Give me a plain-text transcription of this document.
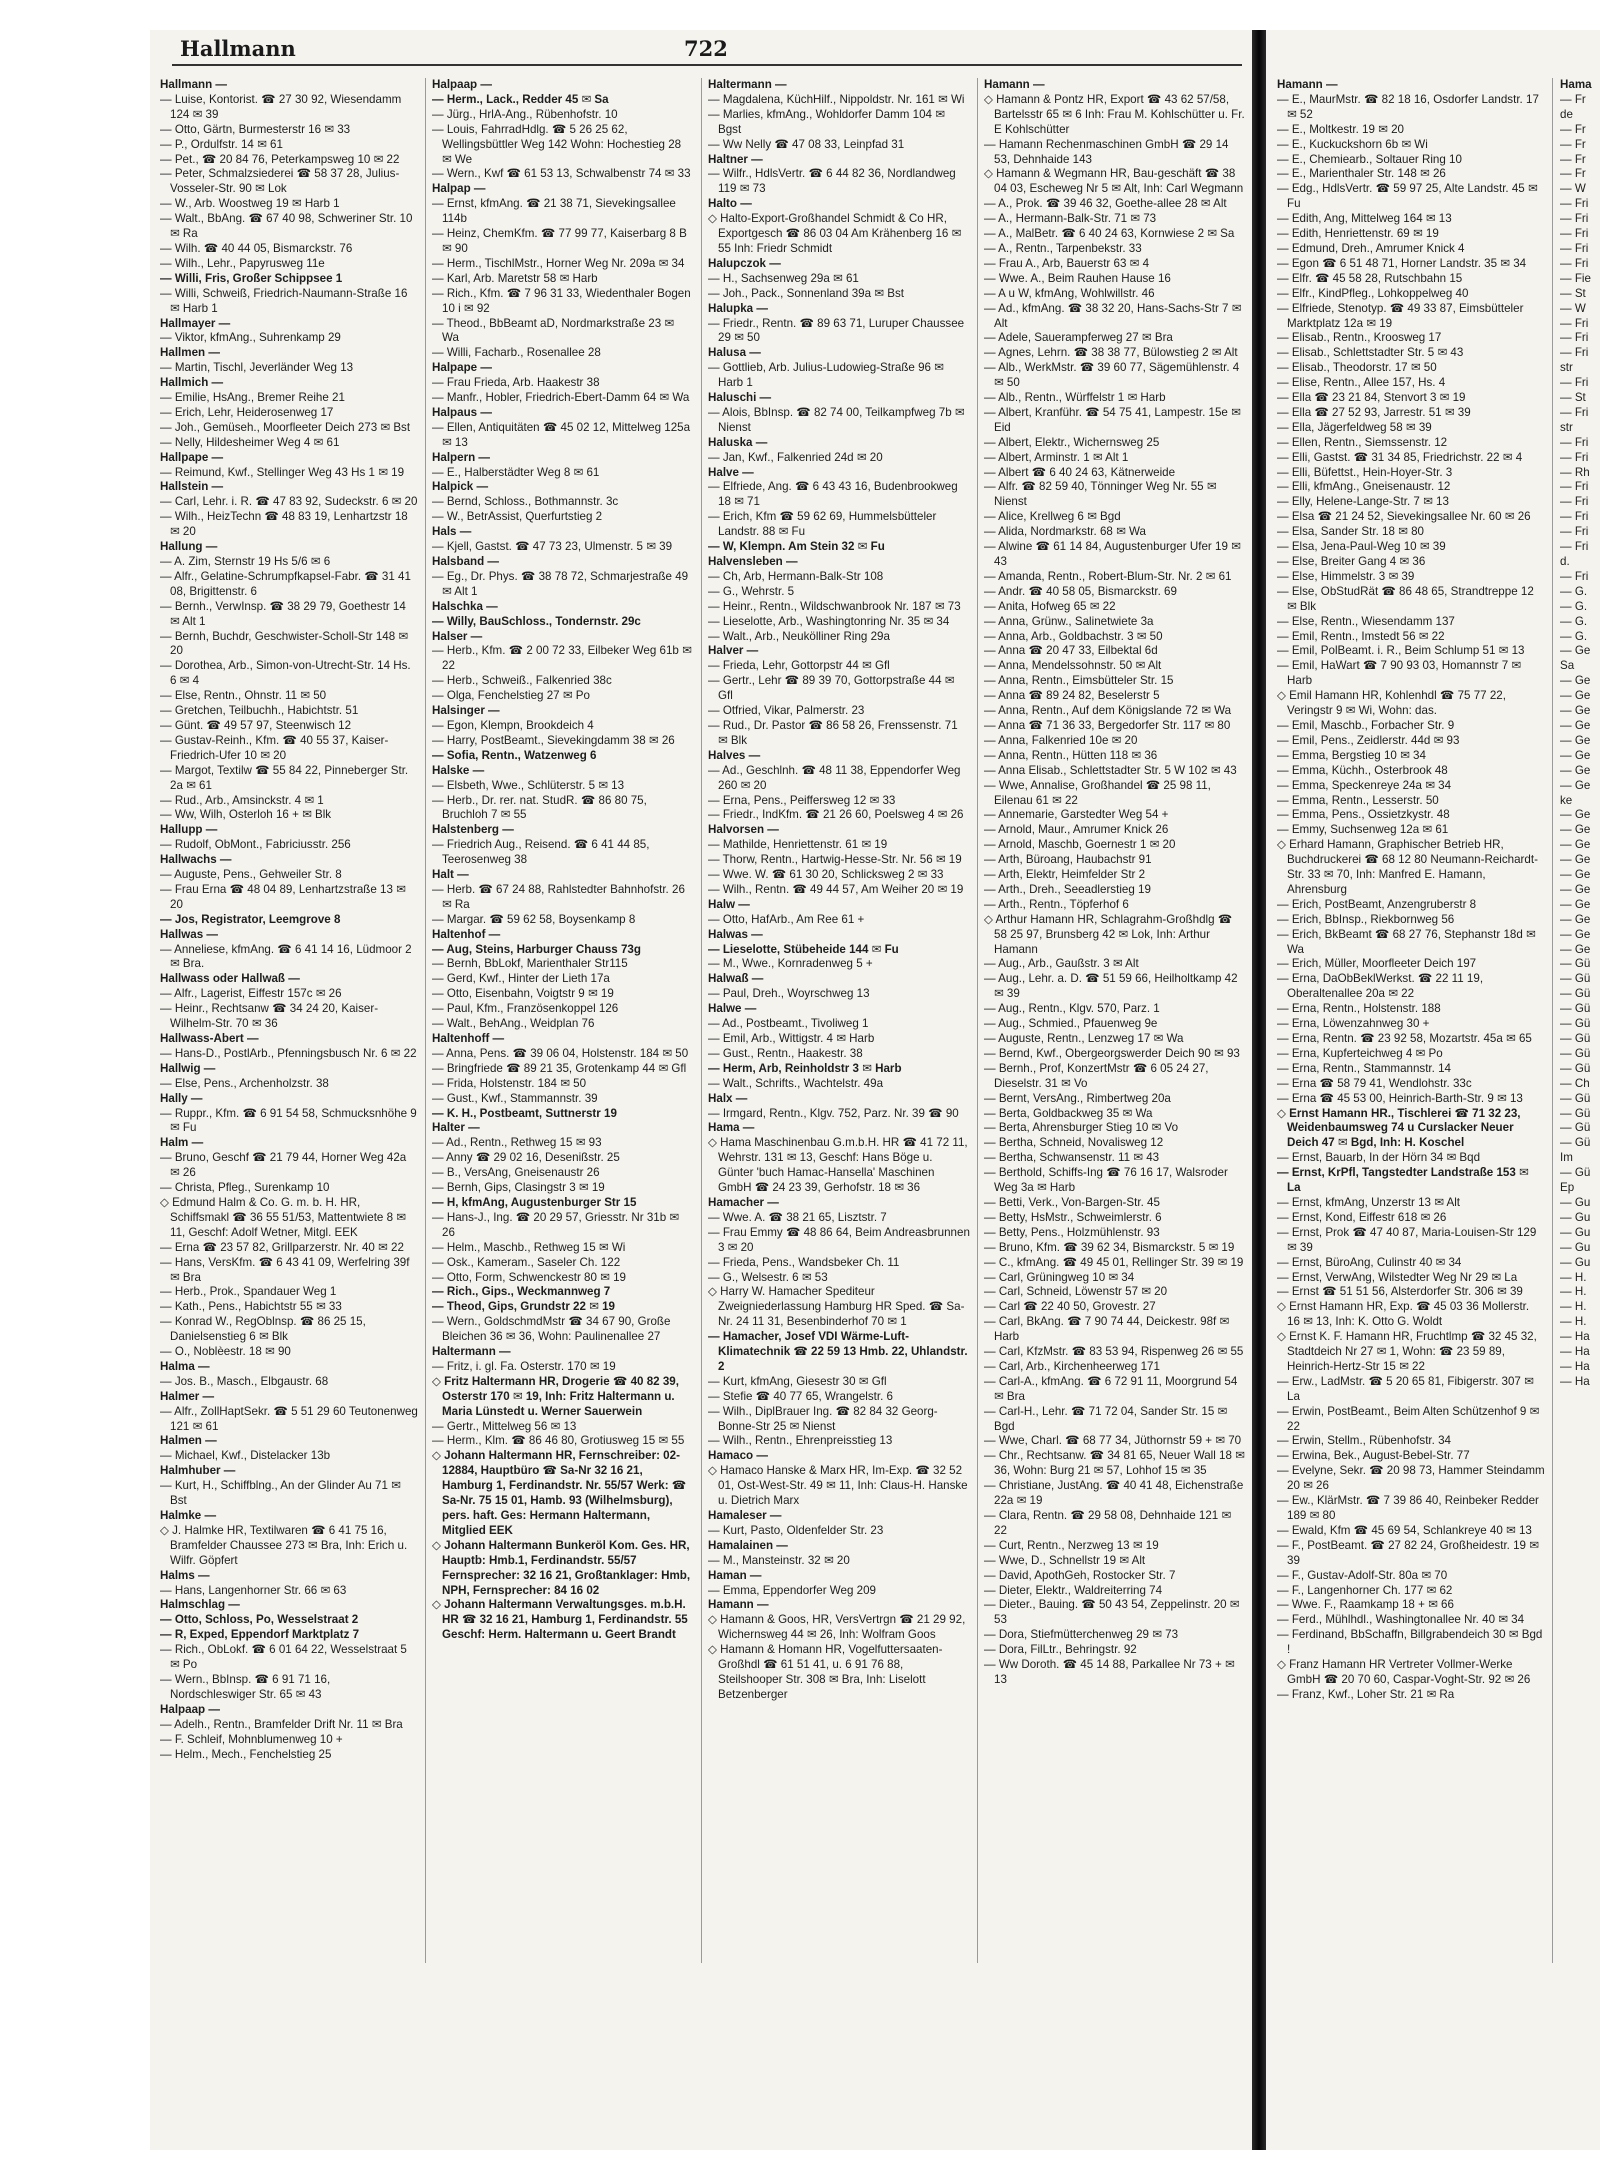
Hallmann	722
Hallmann —
— Luise, Kontorist. ☎ 27 30 92, Wiesendamm 124 ✉ 39
— Otto, Gärtn, Burmesterstr 16 ✉ 33
— P., Ordulfstr. 14 ✉ 61
— Pet., ☎ 20 84 76, Peterkampsweg 10 ✉ 22
— Peter, Schmalzsiederei ☎ 58 37 28, Julius-Vosseler-Str. 90 ✉ Lok
— W., Arb. Woostweg 19 ✉ Harb 1
— Walt., BbAng. ☎ 67 40 98, Schweriner Str. 10 ✉ Ra
— Wilh. ☎ 40 44 05, Bismarckstr. 76
— Wilh., Lehr., Papyrusweg 11e
— Willi, Fris, Großer Schippsee 1
— Willi, Schweiß, Friedrich-Naumann-Straße 16 ✉ Harb 1
Hallmayer —
— Viktor, kfmAng., Suhrenkamp 29
Hallmen —
— Martin, Tischl, Jeverländer Weg 13
Hallmich —
— Emilie, HsAng., Bremer Reihe 21
— Erich, Lehr, Heiderosenweg 17
— Joh., Gemüseh., Moorfleeter Deich 273 ✉ Bst
— Nelly, Hildesheimer Weg 4 ✉ 61
Hallpape —
— Reimund, Kwf., Stellinger Weg 43 Hs 1 ✉ 19
Hallstein —
— Carl, Lehr. i. R. ☎ 47 83 92, Sudeckstr. 6 ✉ 20
— Wilh., HeizTechn ☎ 48 83 19, Lenhartzstr 18 ✉ 20
Hallung —
— A. Zim, Sternstr 19 Hs 5/6 ✉ 6
— Alfr., Gelatine-Schrumpfkapsel-Fabr. ☎ 31 41 08, Brigittenstr. 6
— Bernh., VerwInsp. ☎ 38 29 79, Goethestr 14 ✉ Alt 1
— Bernh, Buchdr, Geschwister-Scholl-Str 148 ✉ 20
— Dorothea, Arb., Simon-von-Utrecht-Str. 14 Hs. 6 ✉ 4
— Else, Rentn., Ohnstr. 11 ✉ 50
— Gretchen, Teilbuchh., Habichtstr. 51
— Günt. ☎ 49 57 97, Steenwisch 12
— Gustav-Reinh., Kfm. ☎ 40 55 37, Kaiser-Friedrich-Ufer 10 ✉ 20
— Margot, Textilw ☎ 55 84 22, Pinneberger Str. 2a ✉ 61
— Rud., Arb., Amsinckstr. 4 ✉ 1
— Ww, Wilh, Osterloh 16 + ✉ Blk
Hallupp —
— Rudolf, ObMont., Fabriciusstr. 256
Hallwachs —
— Auguste, Pens., Gehweiler Str. 8
— Frau Erna ☎ 48 04 89, Lenhartzstraße 13 ✉ 20
— Jos, Registrator, Leemgrove 8
Hallwas —
— Anneliese, kfmAng. ☎ 6 41 14 16, Lüdmoor 2 ✉ Bra.
Hallwass oder Hallwaß —
— Alfr., Lagerist, Eiffestr 157c ✉ 26
— Heinr., Rechtsanw ☎ 34 24 20, Kaiser-Wilhelm-Str. 70 ✉ 36
Hallwass-Abert —
— Hans-D., PostlArb., Pfenningsbusch Nr. 6 ✉ 22
Hallwig —
— Else, Pens., Archenholzstr. 38
Hally —
— Ruppr., Kfm. ☎ 6 91 54 58, Schmucksnhöhe 9 ✉ Fu
Halm —
— Bruno, Geschf ☎ 21 79 44, Horner Weg 42a ✉ 26
— Christa, Pfleg., Surenkamp 10
◇ Edmund Halm & Co. G. m. b. H. HR, Schiffsmakl ☎ 36 55 51/53, Mattentwiete 8 ✉ 11, Geschf: Adolf Wetner, Mitgl. EEK
— Erna ☎ 23 57 82, Grillparzerstr. Nr. 40 ✉ 22
— Hans, VersKfm. ☎ 6 43 41 09, Werfelring 39f ✉ Bra
— Herb., Prok., Spandauer Weg 1
— Kath., Pens., Habichtstr 55 ✉ 33
— Konrad W., RegOblnsp. ☎ 86 25 15, Danielsenstieg 6 ✉ Blk
— O., Noblèestr. 18 ✉ 90
Halma —
— Jos. B., Masch., Elbgaustr. 68
Halmer —
— Alfr., ZollHaptSekr. ☎ 5 51 29 60 Teutonenweg 121 ✉ 61
Halmen —
— Michael, Kwf., Distelacker 13b
Halmhuber —
— Kurt, H., Schiffblng., An der Glinder Au 71 ✉ Bst
Halmke —
◇ J. Halmke HR, Textilwaren ☎ 6 41 75 16, Bramfelder Chaussee 273 ✉ Bra, Inh: Erich u. Wilfr. Göpfert
Halms —
— Hans, Langenhorner Str. 66 ✉ 63
Halmschlag —
— Otto, Schloss, Po, Wesselstraat 2
— R, Exped, Eppendorf Marktplatz 7
— Rich., ObLokf. ☎ 6 01 64 22, Wesselstraat 5 ✉ Po
— Wern., BbInsp. ☎ 6 91 71 16, Nordschleswiger Str. 65 ✉ 43
Halpaap —
— Adelh., Rentn., Bramfelder Drift Nr. 11 ✉ Bra
— F. Schleif, Mohnblumenweg 10 +
— Helm., Mech., Fenchelstieg 25
Halpaap —
— Herm., Lack., Redder 45 ✉ Sa
— Jürg., HrlA-Ang., Rübenhofstr. 10
— Louis, FahrradHdlg. ☎ 5 26 25 62, Wellingsbüttler Weg 142 Wohn: Hochestieg 28 ✉ We
— Wern., Kwf ☎ 61 53 13, Schwalbenstr 74 ✉ 33
Halpap —
— Ernst, kfmAng. ☎ 21 38 71, Sievekingsallee 114b
— Heinz, ChemKfm. ☎ 77 99 77, Kaiserbarg 8 B ✉ 90
— Herm., TischlMstr., Horner Weg Nr. 209a ✉ 34
— Karl, Arb. Maretstr 58 ✉ Harb
— Rich., Kfm. ☎ 7 96 31 33, Wiedenthaler Bogen 10 i ✉ 92
— Theod., BbBeamt aD, Nordmarkstraße 23 ✉ Wa
— Willi, Facharb., Rosenallee 28
Halpape —
— Frau Frieda, Arb. Haakestr 38
— Manfr., Hobler, Friedrich-Ebert-Damm 64 ✉ Wa
Halpaus —
— Ellen, Antiquitäten ☎ 45 02 12, Mittelweg 125a ✉ 13
Halpern —
— E., Halberstädter Weg 8 ✉ 61
Halpick —
— Bernd, Schloss., Bothmannstr. 3c
— W., BetrAssist, Querfurtstieg 2
Hals —
— Kjell, Gastst. ☎ 47 73 23, Ulmenstr. 5 ✉ 39
Halsband —
— Eg., Dr. Phys. ☎ 38 78 72, Schmarjestraße 49 ✉ Alt 1
Halschka —
— Willy, BauSchloss., Tondernstr. 29c
Halser —
— Herb., Kfm. ☎ 2 00 72 33, Eilbeker Weg 61b ✉ 22
— Herb., Schweiß., Falkenried 38c
— Olga, Fenchelstieg 27 ✉ Po
Halsinger —
— Egon, Klempn, Brookdeich 4
— Harry, PostBeamt., Sievekingdamm 38 ✉ 26
— Sofia, Rentn., Watzenweg 6
Halske —
— Elsbeth, Wwe., Schlüterstr. 5 ✉ 13
— Herb., Dr. rer. nat. StudR. ☎ 86 80 75, Bruchloh 7 ✉ 55
Halstenberg —
— Friedrich Aug., Reisend. ☎ 6 41 44 85, Teerosenweg 38
Halt —
— Herb. ☎ 67 24 88, Rahlstedter Bahnhofstr. 26 ✉ Ra
— Margar. ☎ 59 62 58, Boysenkamp 8
Haltenhof —
— Aug, Steins, Harburger Chauss 73g
— Bernh, BbLokf, Marienthaler Str115
— Gerd, Kwf., Hinter der Lieth 17a
— Otto, Eisenbahn, Voigtstr 9 ✉ 19
— Paul, Kfm., Französenkoppel 126
— Walt., BehAng., Weidplan 76
Haltenhoff —
— Anna, Pens. ☎ 39 06 04, Holstenstr. 184 ✉ 50
— Bringfriede ☎ 89 21 35, Grotenkamp 44 ✉ Gfl
— Frida, Holstenstr. 184 ✉ 50
— Gust., Kwf., Stammannstr. 39
— K. H., Postbeamt, Suttnerstr 19
Halter —
— Ad., Rentn., Rethweg 15 ✉ 93
— Anny ☎ 29 02 16, Desenißstr. 25
— B., VersAng, Gneisenaustr 26
— Bernh, Gips, Clasingstr 3 ✉ 19
— H, kfmAng, Augustenburger Str 15
— Hans-J., Ing. ☎ 20 29 57, Griesstr. Nr 31b ✉ 26
— Helm., Maschb., Rethweg 15 ✉ Wi
— Osk., Kameram., Saseler Ch. 122
— Otto, Form, Schwenckestr 80 ✉ 19
— Rich., Gips., Weckmannweg 7
— Theod, Gips, Grundstr 22 ✉ 19
— Wern., GoldschmdMstr ☎ 34 67 90, Große Bleichen 36 ✉ 36, Wohn: Paulinenallee 27
Haltermann —
— Fritz, i. gl. Fa. Osterstr. 170 ✉ 19
◇ Fritz Haltermann HR, Drogerie ☎ 40 82 39, Osterstr 170 ✉ 19, Inh: Fritz Haltermann u. Maria Lünstedt u. Werner Sauerwein
— Gertr., Mittelweg 56 ✉ 13
— Herm., Klm. ☎ 86 46 80, Grotiusweg 15 ✉ 55
◇ Johann Haltermann HR, Fernschreiber: 02-12884, Hauptbüro ☎ Sa-Nr 32 16 21, Hamburg 1, Ferdinandstr. Nr. 55/57 Werk: ☎ Sa-Nr. 75 15 01, Hamb. 93 (Wilhelmsburg), pers. haft. Ges: Hermann Haltermann, Mitglied EEK
◇ Johann Haltermann Bunkeröl Kom. Ges. HR, Hauptb: Hmb.1, Ferdinandstr. 55/57 Fernsprecher: 32 16 21, Großtanklager: Hmb, NPH, Fernsprecher: 84 16 02
◇ Johann Haltermann Verwaltungsges. m.b.H. HR ☎ 32 16 21, Hamburg 1, Ferdinandstr. 55 Geschf: Herm. Haltermann u. Geert Brandt
Haltermann —
— Magdalena, KüchHilf., Nippoldstr. Nr. 161 ✉ Wi
— Marlies, kfmAng., Wohldorfer Damm 104 ✉ Bgst
— Ww Nelly ☎ 47 08 33, Leinpfad 31
Haltner —
— Wilfr., HdlsVertr. ☎ 6 44 82 36, Nordlandweg 119 ✉ 73
Halto —
◇ Halto-Export-Großhandel Schmidt & Co HR, Exportgesch ☎ 86 03 04 Am Krähenberg 16 ✉ 55 Inh: Friedr Schmidt
Halupczok —
— H., Sachsenweg 29a ✉ 61
— Joh., Pack., Sonnenland 39a ✉ Bst
Halupka —
— Friedr., Rentn. ☎ 89 63 71, Luruper Chaussee 29 ✉ 50
Halusa —
— Gottlieb, Arb. Julius-Ludowieg-Straße 96 ✉ Harb 1
Haluschi —
— Alois, BbInsp. ☎ 82 74 00, Teilkampfweg 7b ✉ Nienst
Haluska —
— Jan, Kwf., Falkenried 24d ✉ 20
Halve —
— Elfriede, Ang. ☎ 6 43 43 16, Budenbrookweg 18 ✉ 71
— Erich, Kfm ☎ 59 62 69, Hummelsbütteler Landstr. 88 ✉ Fu
— W, Klempn. Am Stein 32 ✉ Fu
Halvensleben —
— Ch, Arb, Hermann-Balk-Str 108
— G., Wehrstr. 5
— Heinr., Rentn., Wildschwanbrook Nr. 187 ✉ 73
— Lieselotte, Arb., Washingtonring Nr. 35 ✉ 34
— Walt., Arb., Neukölliner Ring 29a
Halver —
— Frieda, Lehr, Gottorpstr 44 ✉ Gfl
— Gertr., Lehr ☎ 89 39 70, Gottorpstraße 44 ✉ Gfl
— Otfried, Vikar, Palmerstr. 23
— Rud., Dr. Pastor ☎ 86 58 26, Frenssenstr. 71 ✉ Blk
Halves —
— Ad., Geschlnh. ☎ 48 11 38, Eppendorfer Weg 260 ✉ 20
— Erna, Pens., Peiffersweg 12 ✉ 33
— Friedr., IndKfm. ☎ 21 26 60, Poelsweg 4 ✉ 26
Halvorsen —
— Mathilde, Henriettenstr. 61 ✉ 19
— Thorw, Rentn., Hartwig-Hesse-Str. Nr. 56 ✉ 19
— Wwe. W. ☎ 61 30 20, Schlicksweg 2 ✉ 33
— Wilh., Rentn. ☎ 49 44 57, Am Weiher 20 ✉ 19
Halw —
— Otto, HafArb., Am Ree 61 +
Halwas —
— Lieselotte, Stübeheide 144 ✉ Fu
— M., Wwe., Kornradenweg 5 +
Halwaß —
— Paul, Dreh., Woyrschweg 13
Halwe —
— Ad., Postbeamt., Tivoliweg 1
— Emil, Arb., Wittigstr. 4 ✉ Harb
— Gust., Rentn., Haakestr. 38
— Herm, Arb, Reinholdstr 3 ✉ Harb
— Walt., Schrifts., Wachtelstr. 49a
Halx —
— Irmgard, Rentn., Klgv. 752, Parz. Nr. 39 ☎ 90
Hama —
◇ Hama Maschinenbau G.m.b.H. HR ☎ 41 72 11, Wehrstr. 131 ✉ 13, Geschf: Hans Böge u. Günter 'buch Hamac-Hansella' Maschinen GmbH ☎ 24 23 39, Gerhofstr. 18 ✉ 36
Hamacher —
— Wwe. A. ☎ 38 21 65, Lisztstr. 7
— Frau Emmy ☎ 48 86 64, Beim Andreasbrunnen 3 ✉ 20
— Frieda, Pens., Wandsbeker Ch. 11
— G., Welsestr. 6 ✉ 53
◇ Harry W. Hamacher Spediteur Zweigniederlassung Hamburg HR Sped. ☎ Sa-Nr. 24 11 31, Besenbinderhof 70 ✉ 1
— Hamacher, Josef VDI Wärme-Luft-Klimatechnik ☎ 22 59 13 Hmb. 22, Uhlandstr. 2
— Kurt, kfmAng, Giesestr 30 ✉ Gfl
— Stefie ☎ 40 77 65, Wrangelstr. 6
— Wilh., DiplBrauer Ing. ☎ 82 84 32 Georg-Bonne-Str 25 ✉ Nienst
— Wilh., Rentn., Ehrenpreisstieg 13
Hamaco —
◇ Hamaco Hanske & Marx HR, Im-Exp. ☎ 32 52 01, Ost-West-Str. 49 ✉ 11, Inh: Claus-H. Hanske u. Dietrich Marx
Hamaleser —
— Kurt, Pasto, Oldenfelder Str. 23
Hamalainen —
— M., Mansteinstr. 32 ✉ 20
Haman —
— Emma, Eppendorfer Weg 209
Hamann —
◇ Hamann & Goos, HR, VersVertrgn ☎ 21 29 92, Wichernsweg 44 ✉ 26, Inh: Wolfram Goos
◇ Hamann & Homann HR, Vogelfuttersaaten-Großhdl ☎ 61 51 41, u. 6 91 76 88, Steilshooper Str. 308 ✉ Bra, Inh: Liselott Betzenberger
Hamann —
◇ Hamann & Pontz HR, Export ☎ 43 62 57/58, Bartelsstr 65 ✉ 6 Inh: Frau M. Kohlschütter u. Fr. E Kohlschütter
— Hamann Rechenmaschinen GmbH ☎ 29 14 53, Dehnhaide 143
◇ Hamann & Wegmann HR, Bau-geschäft ☎ 38 04 03, Escheweg Nr 5 ✉ Alt, Inh: Carl Wegmann
— A., Prok. ☎ 39 46 32, Goethe-allee 28 ✉ Alt
— A., Hermann-Balk-Str. 71 ✉ 73
— A., MalBetr. ☎ 6 40 24 63, Kornwiese 2 ✉ Sa
— A., Rentn., Tarpenbekstr. 33
— Frau A., Arb, Bauerstr 63 ✉ 4
— Wwe. A., Beim Rauhen Hause 16
— A u W, kfmAng, Wohlwillstr. 46
— Ad., kfmAng. ☎ 38 32 20, Hans-Sachs-Str 7 ✉ Alt
— Adele, Sauerampferweg 27 ✉ Bra
— Agnes, Lehrn. ☎ 38 38 77, Bülowstieg 2 ✉ Alt
— Alb., WerkMstr. ☎ 39 60 77, Sägemühlenstr. 4 ✉ 50
— Alb., Rentn., Würffelstr 1 ✉ Harb
— Albert, Kranführ. ☎ 54 75 41, Lampestr. 15e ✉ Eid
— Albert, Elektr., Wichernsweg 25
— Albert, Arminstr. 1 ✉ Alt 1
— Albert ☎ 6 40 24 63, Kätnerweide
— Alfr. ☎ 82 59 40, Tönninger Weg Nr. 55 ✉ Nienst
— Alice, Krellweg 6 ✉ Bgd
— Alida, Nordmarkstr. 68 ✉ Wa
— Alwine ☎ 61 14 84, Augustenburger Ufer 19 ✉ 43
— Amanda, Rentn., Robert-Blum-Str. Nr. 2 ✉ 61
— Andr. ☎ 40 58 05, Bismarckstr. 69
— Anita, Hofweg 65 ✉ 22
— Anna, Grünw., Salinetwiete 3a
— Anna, Arb., Goldbachstr. 3 ✉ 50
— Anna ☎ 20 47 33, Eilbektal 6d
— Anna, Mendelssohnstr. 50 ✉ Alt
— Anna, Rentn., Eimsbütteler Str. 15
— Anna ☎ 89 24 82, Beselerstr 5
— Anna, Rentn., Auf dem Königslande 72 ✉ Wa
— Anna ☎ 71 36 33, Bergedorfer Str. 117 ✉ 80
— Anna, Falkenried 10e ✉ 20
— Anna, Rentn., Hütten 118 ✉ 36
— Anna Elisab., Schlettstadter Str. 5 W 102 ✉ 43
— Wwe, Annalise, Großhandel ☎ 25 98 11, Eilenau 61 ✉ 22
— Annemarie, Garstedter Weg 54 +
— Arnold, Maur., Amrumer Knick 26
— Arnold, Maschb, Goernestr 1 ✉ 20
— Arth, Büroang, Haubachstr 91
— Arth, Elektr, Heimfelder Str 2
— Arth., Dreh., Seeadlerstieg 19
— Arth., Rentn., Töpferhof 6
◇ Arthur Hamann HR, Schlagrahm-Großhdlg ☎ 58 25 97, Brunsberg 42 ✉ Lok, Inh: Arthur Hamann
— Aug., Arb., Gaußstr. 3 ✉ Alt
— Aug., Lehr. a. D. ☎ 51 59 66, Heilholtkamp 42 ✉ 39
— Aug., Rentn., Klgv. 570, Parz. 1
— Aug., Schmied., Pfauenweg 9e
— Auguste, Rentn., Lenzweg 17 ✉ Wa
— Bernd, Kwf., Obergeorgswerder Deich 90 ✉ 93
— Bernh., Prof, KonzertMstr ☎ 6 05 24 27, Dieselstr. 31 ✉ Vo
— Bernt, VersAng., Rimbertweg 20a
— Berta, Goldbackweg 35 ✉ Wa
— Berta, Ahrensburger Stieg 10 ✉ Vo
— Bertha, Schneid, Novalisweg 12
— Bertha, Schwansenstr. 11 ✉ 43
— Berthold, Schiffs-Ing ☎ 76 16 17, Walsroder Weg 3a ✉ Harb
— Betti, Verk., Von-Bargen-Str. 45
— Betty, HsMstr., Schweimlerstr. 6
— Betty, Pens., Holzmühlenstr. 93
— Bruno, Kfm. ☎ 39 62 34, Bismarckstr. 5 ✉ 19
— C., kfmAng. ☎ 49 45 01, Rellinger Str. 39 ✉ 19
— Carl, Grüningweg 10 ✉ 34
— Carl, Schneid, Löwenstr 57 ✉ 20
— Carl ☎ 22 40 50, Grovestr. 27
— Carl, BkAng. ☎ 7 90 74 44, Deickestr. 98f ✉ Harb
— Carl, KfzMstr. ☎ 83 53 94, Rispenweg 26 ✉ 55
— Carl, Arb., Kirchenheerweg 171
— Carl-A., kfmAng. ☎ 6 72 91 11, Moorgrund 54 ✉ Bra
— Carl-H., Lehr. ☎ 71 72 04, Sander Str. 15 ✉ Bgd
— Wwe, Charl. ☎ 68 77 34, Jüthornstr 59 + ✉ 70
— Chr., Rechtsanw. ☎ 34 81 65, Neuer Wall 18 ✉ 36, Wohn: Burg 21 ✉ 57, Lohhof 15 ✉ 35
— Christiane, JustAng. ☎ 40 41 48, Eichenstraße 22a ✉ 19
— Clara, Rentn. ☎ 29 58 08, Dehnhaide 121 ✉ 22
— Curt, Rentn., Nerzweg 13 ✉ 19
— Wwe, D., Schnellstr 19 ✉ Alt
— David, ApothGeh, Rostocker Str. 7
— Dieter, Elektr., Waldreiterring 74
— Dieter., Bauing. ☎ 50 43 54, Zeppelinstr. 20 ✉ 53
— Dora, Stiefmütterchenweg 29 ✉ 73
— Dora, FilLtr., Behringstr. 92
— Ww Doroth. ☎ 45 14 88, Parkallee Nr 73 + ✉ 13
Hamann —
— E., MaurMstr. ☎ 82 18 16, Osdorfer Landstr. 17 ✉ 52
— E., Moltkestr. 19 ✉ 20
— E., Kuckuckshorn 6b ✉ Wi
— E., Chemiearb., Soltauer Ring 10
— E., Marienthaler Str. 148 ✉ 26
— Edg., HdlsVertr. ☎ 59 97 25, Alte Landstr. 45 ✉ Fu
— Edith, Ang, Mittelweg 164 ✉ 13
— Edith, Henriettenstr. 69 ✉ 19
— Edmund, Dreh., Amrumer Knick 4
— Egon ☎ 6 51 48 71, Horner Landstr. 35 ✉ 34
— Elfr. ☎ 45 58 28, Rutschbahn 15
— Elfr., KindPfleg., Lohkoppelweg 40
— Elfriede, Stenotyp. ☎ 49 33 87, Eimsbütteler Marktplatz 12a ✉ 19
— Elisab., Rentn., Kroosweg 17
— Elisab., Schlettstadter Str. 5 ✉ 43
— Elisab., Theodorstr. 17 ✉ 50
— Elise, Rentn., Allee 157, Hs. 4
— Ella ☎ 23 21 84, Stenvort 3 ✉ 19
— Ella ☎ 27 52 93, Jarrestr. 51 ✉ 39
— Ella, Jägerfeldweg 58 ✉ 39
— Ellen, Rentn., Siemssenstr. 12
— Elli, Gastst. ☎ 31 34 85, Friedrichstr. 22 ✉ 4
— Elli, Büfettst., Hein-Hoyer-Str. 3
— Elli, kfmAng., Gneisenaustr. 12
— Elly, Helene-Lange-Str. 7 ✉ 13
— Elsa ☎ 21 24 52, Sievekingsallee Nr. 60 ✉ 26
— Elsa, Sander Str. 18 ✉ 80
— Elsa, Jena-Paul-Weg 10 ✉ 39
— Else, Breiter Gang 4 ✉ 36
— Else, Himmelstr. 3 ✉ 39
— Else, ObStudRät ☎ 86 48 65, Strandtreppe 12 ✉ Blk
— Else, Rentn., Wiesendamm 137
— Emil, Rentn., Imstedt 56 ✉ 22
— Emil, PolBeamt. i. R., Beim Schlump 51 ✉ 13
— Emil, HaWart ☎ 7 90 93 03, Homannstr 7 ✉ Harb
◇ Emil Hamann HR, Kohlenhdl ☎ 75 77 22, Veringstr 9 ✉ Wi, Wohn: das.
— Emil, Maschb., Forbacher Str. 9
— Emil, Pens., Zeidlerstr. 44d ✉ 93
— Emma, Bergstieg 10 ✉ 34
— Emma, Küchh., Osterbrook 48
— Emma, Speckenreye 24a ✉ 34
— Emma, Rentn., Lesserstr. 50
— Emma, Pens., Ossietzkystr. 48
— Emmy, Suchsenweg 12a ✉ 61
◇ Erhard Hamann, Graphischer Betrieb HR, Buchdruckerei ☎ 68 12 80 Neumann-Reichardt-Str. 33 ✉ 70, Inh: Manfred E. Hamann, Ahrensburg
— Erich, PostBeamt, Anzengruberstr 8
— Erich, BbInsp., Riekbornweg 56
— Erich, BkBeamt ☎ 68 27 76, Stephanstr 18d ✉ Wa
— Erich, Müller, Moorfleeter Deich 197
— Erna, DaObBeklWerkst. ☎ 22 11 19, Oberaltenallee 20a ✉ 22
— Erna, Rentn., Holstenstr. 188
— Erna, Löwenzahnweg 30 +
— Erna, Rentn. ☎ 23 92 58, Mozartstr. 45a ✉ 65
— Erna, Kupferteichweg 4 ✉ Po
— Erna, Rentn., Stammannstr. 14
— Erna ☎ 58 79 41, Wendlohstr. 33c
— Erna ☎ 45 53 00, Heinrich-Barth-Str. 9 ✉ 13
◇ Ernst Hamann HR., Tischlerei ☎ 71 32 23, Weidenbaumsweg 74 u Curslacker Neuer Deich 47 ✉ Bgd, Inh: H. Koschel
— Ernst, Bauarb, In der Hörn 34 ✉ Bqd
— Ernst, KrPfl, Tangstedter Landstraße 153 ✉ La
— Ernst, kfmAng, Unzerstr 13 ✉ Alt
— Ernst, Kond, Eiffestr 618 ✉ 26
— Ernst, Prok ☎ 47 40 87, Maria-Louisen-Str 129 ✉ 39
— Ernst, BüroAng, Culinstr 40 ✉ 34
— Ernst, VerwAng, Wilstedter Weg Nr 29 ✉ La
— Ernst ☎ 51 51 56, Alsterdorfer Str. 306 ✉ 39
◇ Ernst Hamann HR, Exp. ☎ 45 03 36 Mollerstr. 16 ✉ 13, Inh: K. Otto G. Woldt
◇ Ernst K. F. Hamann HR, Fruchtlmp ☎ 32 45 32, Stadtdeich Nr 27 ✉ 1, Wohn: ☎ 23 59 89, Heinrich-Hertz-Str 15 ✉ 22
— Erw., LadMstr. ☎ 5 20 65 81, Fibigerstr. 307 ✉ La
— Erwin, PostBeamt., Beim Alten Schützenhof 9 ✉ 22
— Erwin, Stellm., Rübenhofstr. 34
— Erwina, Bek., August-Bebel-Str. 77
— Evelyne, Sekr. ☎ 20 98 73, Hammer Steindamm 20 ✉ 26
— Ew., KlärMstr. ☎ 7 39 86 40, Reinbeker Redder 189 ✉ 80
— Ewald, Kfm ☎ 45 69 54, Schlankreye 40 ✉ 13
— F., PostBeamt. ☎ 27 82 24, Großheidestr. 19 ✉ 39
— F., Gustav-Adolf-Str. 80a ✉ 70
— F., Langenhorner Ch. 177 ✉ 62
— Wwe. F., Raamkamp 18 + ✉ 66
— Ferd., Mühlhdl., Washingtonallee Nr. 40 ✉ 34
— Ferdinand, BbSchaffn, Billgrabendeich 30 ✉ Bgd !
◇ Franz Hamann HR Vertreter Vollmer-Werke GmbH ☎ 20 70 60, Caspar-Voght-Str. 92 ✉ 26
— Franz, Kwf., Loher Str. 21 ✉ Ra
Hama
— Fr
de
— Fr
— Fr
— Fr
— Fr
— W
— Fri
— Fri
— Fri
— Fri
— Fri
— Fie
— St
— W
— Fri
— Fri
— Fri
str
— Fri
— St
— Fri
str
— Fri
— Fri
— Rh
— Fri
— Fri
— Fri
— Fri
— Fri
d.
— Fri
— G.
— G.
— G.
— G.
— Ge
Sa
— Ge
— Ge
— Ge
— Ge
— Ge
— Ge
— Ge
— Ge
ke
— Ge
— Ge
— Ge
— Ge
— Ge
— Ge
— Ge
— Ge
— Ge
— Ge
— Gü
— Gü
— Gü
— Gü
— Gü
— Gü
— Gü
— Gü
— Ch
— Gü
— Gü
— Gü
— Gü
Im
— Gü
Ep
— Gu
— Gu
— Gu
— Gu
— Gu
— H.
— H.
— H.
— H.
— Ha
— Ha
— Ha
— Ha
